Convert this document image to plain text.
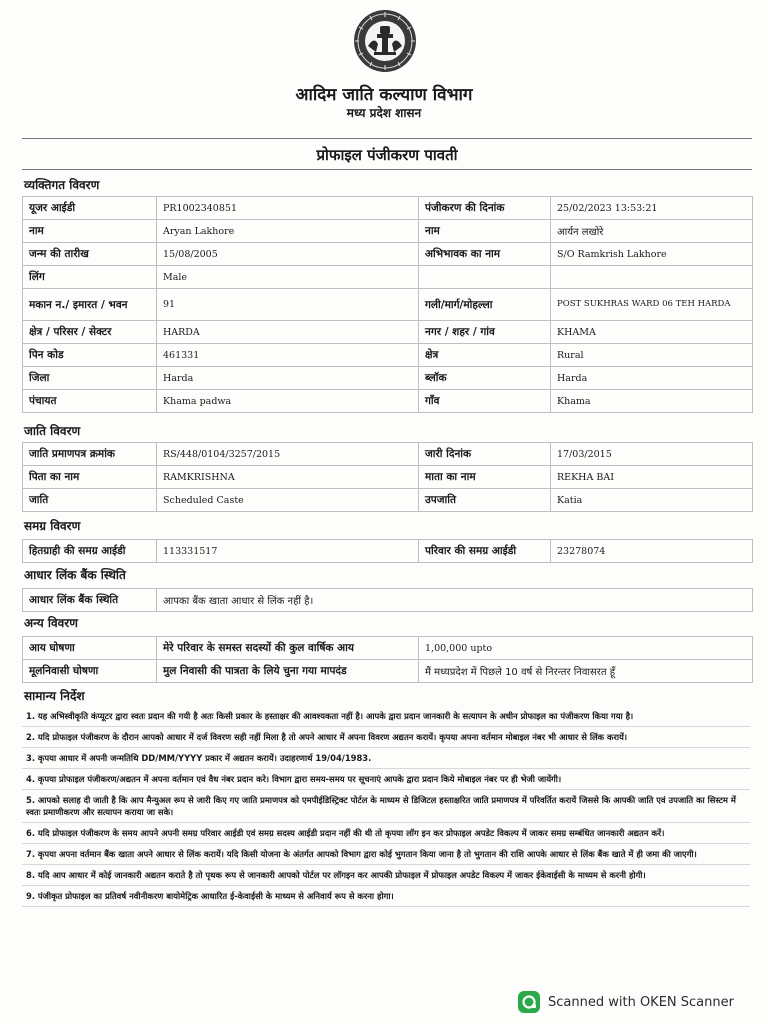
आदिम जाति कल्याण विभाग
मध्य प्रदेश शासन
प्रोफाइल पंजीकरण पावती
व्यक्तिगत विवरण
यूजर आईडी	PR1002340851	पंजीकरण की दिनांक	25/02/2023 13:53:21
नाम	Aryan Lakhore	नाम	आर्यन लखोरे
जन्म की तारीख	15/08/2005	अभिभावक का नाम	S/O Ramkrish Lakhore
लिंग	Male		
मकान न./ इमारत / भवन	91	गली/मार्ग/मोहल्ला	POST SUKHRAS WARD 06 TEH HARDA
क्षेत्र / परिसर / सेक्टर	HARDA	नगर / शहर / गांव	KHAMA
पिन कोड	461331	क्षेत्र	Rural
जिला	Harda	ब्लॉक	Harda
पंचायत	Khama padwa	गाँव	Khama
जाति विवरण
जाति प्रमाणपत्र क्रमांक	RS/448/0104/3257/2015	जारी दिनांक	17/03/2015
पिता का नाम	RAMKRISHNA	माता का नाम	REKHA BAI
जाति	Scheduled Caste	उपजाति	Katia
समग्र विवरण
हितग्राही की समग्र आईडी	113331517	परिवार की समग्र आईडी	23278074
आधार लिंक बैंक स्थिति
आधार लिंक बैंक स्थिति	आपका बैंक खाता आधार से लिंक नहीं है।
अन्य विवरण
आय घोषणा	मेरे परिवार के समस्त सदस्यों की कुल वार्षिक आय	1,00,000 upto
मूलनिवासी घोषणा	मुल निवासी की पात्रता के लिये चुना गया मापदंड	मैं मध्यप्रदेश में पिछले 10 वर्ष से निरन्तर निवासरत हूँ
सामान्य निर्देश
1. यह अभिस्वीकृति कंप्यूटर द्वारा स्वतः प्रदान की गयी है अतः किसी प्रकार के हस्ताक्षर की आवश्यकता नहीं है। आपके द्वारा प्रदान जानकारी के सत्यापन के अधीन प्रोफाइल का पंजीकरण किया गया है।
2. यदि प्रोफाइल पंजीकरण के दौरान आपको आधार में दर्ज विवरण सही नहीं मिला है तो अपने आधार में अपना विवरण अद्यतन करायें। कृपया अपना वर्तमान मोबाइल नंबर भी आधार से लिंक करायें।
3. कृपया आधार में अपनी जन्मतिथि DD/MM/YYYY प्रकार में अद्यतन करायें। उदाहरणार्थ 19/04/1983.
4. कृपया प्रोफाइल पंजीकरण/अद्यतन में अपना वर्तमान एवं वैध नंबर प्रदान करे। विभाग द्वारा समय-समय पर सूचनाएं आपके द्वारा प्रदान किये मोबाइल नंबर पर ही भेजी जायेंगी।
5. आपको सलाह दी जाती है कि आप मैन्युअल रूप से जारी किए गए जाति प्रमाणपत्र को एमपीईडिस्ट्रिक्ट पोर्टल के माध्यम से डिजिटल हस्ताक्षरित जाति प्रमाणपत्र में परिवर्तित करायें जिससे कि आपकी जाति एवं उपजाति का सिस्टम में स्वतः प्रमाणीकरण और सत्यापन कराया जा सके।
6. यदि प्रोफाइल पंजीकरण के समय आपने अपनी समग्र परिवार आईडी एवं समग्र सदस्य आईडी प्रदान नहीं की थी तो कृपया लॉग इन कर प्रोफाइल अपडेट विकल्प में जाकर समग्र सम्बंधित जानकारी अद्यतन करें।
7. कृपया अपना वर्तमान बैंक खाता अपने आधार से लिंक करायें। यदि किसी योजना के अंतर्गत आपको विभाग द्वारा कोई भुगतान किया जाना है तो भुगतान की राशि आपके आधार से लिंक बैंक खाते में ही जमा की जाएगी।
8. यदि आप आधार में कोई जानकारी अद्यतन कराते है तो पृथक रूप से जानकारी आपको पोर्टल पर लॉगइन कर आपकी प्रोफाइल में प्रोफाइल अपडेट विकल्प में जाकर ईकेवाईसी के माध्यम से करनी होगी।
9. पंजीकृत प्रोफाइल का प्रतिवर्ष नवीनीकरण बायोमेट्रिक आधारित ई-केवाईसी के माध्यम से अनिवार्य रूप से करना होगा।
Scanned with OKEN Scanner
